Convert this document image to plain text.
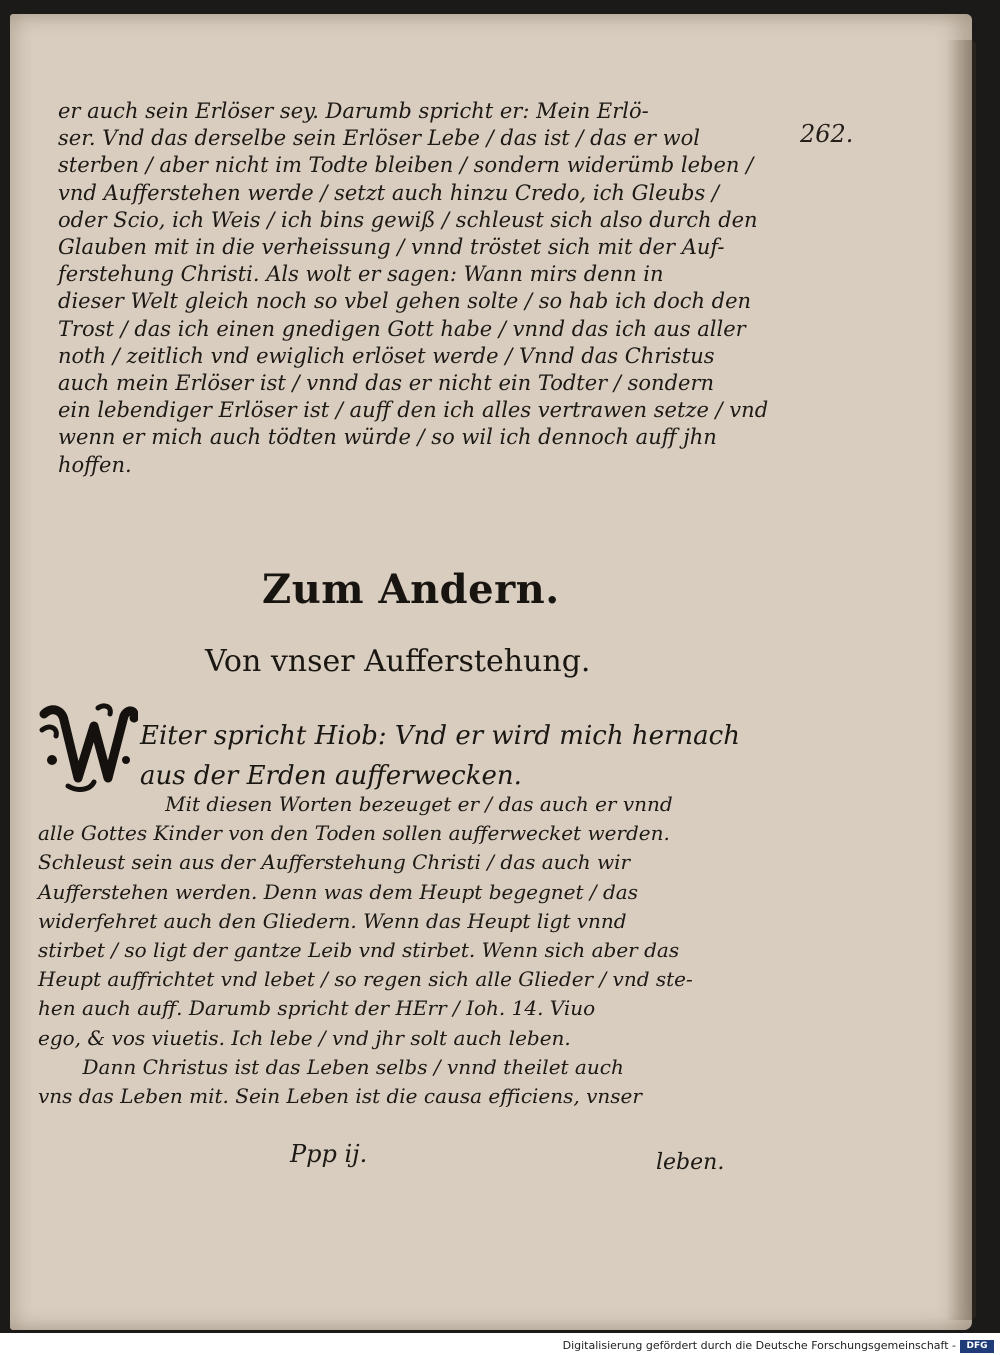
262.
er auch sein Erlöser sey. Darumb spricht er: Mein Erlö-
ser. Vnd das derselbe sein Erlöser Lebe / das ist / das er wol
sterben / aber nicht im Todte bleiben / sondern widerümb leben /
vnd Aufferstehen werde / setzt auch hinzu Credo, ich Gleubs /
oder Scio, ich Weis / ich bins gewiß / schleust sich also durch den
Glauben mit in die verheissung / vnnd tröstet sich mit der Auf-
ferstehung Christi. Als wolt er sagen: Wann mirs denn in
dieser Welt gleich noch so vbel gehen solte / so hab ich doch den
Trost / das ich einen gnedigen Gott habe / vnnd das ich aus aller
noth / zeitlich vnd ewiglich erlöset werde / Vnnd das Christus
auch mein Erlöser ist / vnnd das er nicht ein Todter / sondern
ein lebendiger Erlöser ist / auff den ich alles vertrawen setze / vnd
wenn er mich auch tödten würde / so wil ich dennoch auff jhn
hoffen.
Zum Andern.
Von vnser Aufferstehung.
W
Eiter spricht Hiob: Vnd er wird mich hernach
aus der Erden aufferwecken.
Mit diesen Worten bezeuget er / das auch er vnnd
alle Gottes Kinder von den Toden sollen aufferwecket werden.
Schleust sein aus der Aufferstehung Christi / das auch wir
Aufferstehen werden. Denn was dem Heupt begegnet / das
widerfehret auch den Gliedern. Wenn das Heupt ligt vnnd
stirbet / so ligt der gantze Leib vnd stirbet. Wenn sich aber das
Heupt auffrichtet vnd lebet / so regen sich alle Glieder / vnd ste-
hen auch auff. Darumb spricht der HErr / Ioh. 14. Viuo
ego, & vos viuetis. Ich lebe / vnd jhr solt auch leben.
Dann Christus ist das Leben selbs / vnnd theilet auch
vns das Leben mit. Sein Leben ist die causa efficiens, vnser
Ppp ij.	leben.
Digitalisierung gefördert durch die Deutsche Forschungsgemeinschaft -	DFG
